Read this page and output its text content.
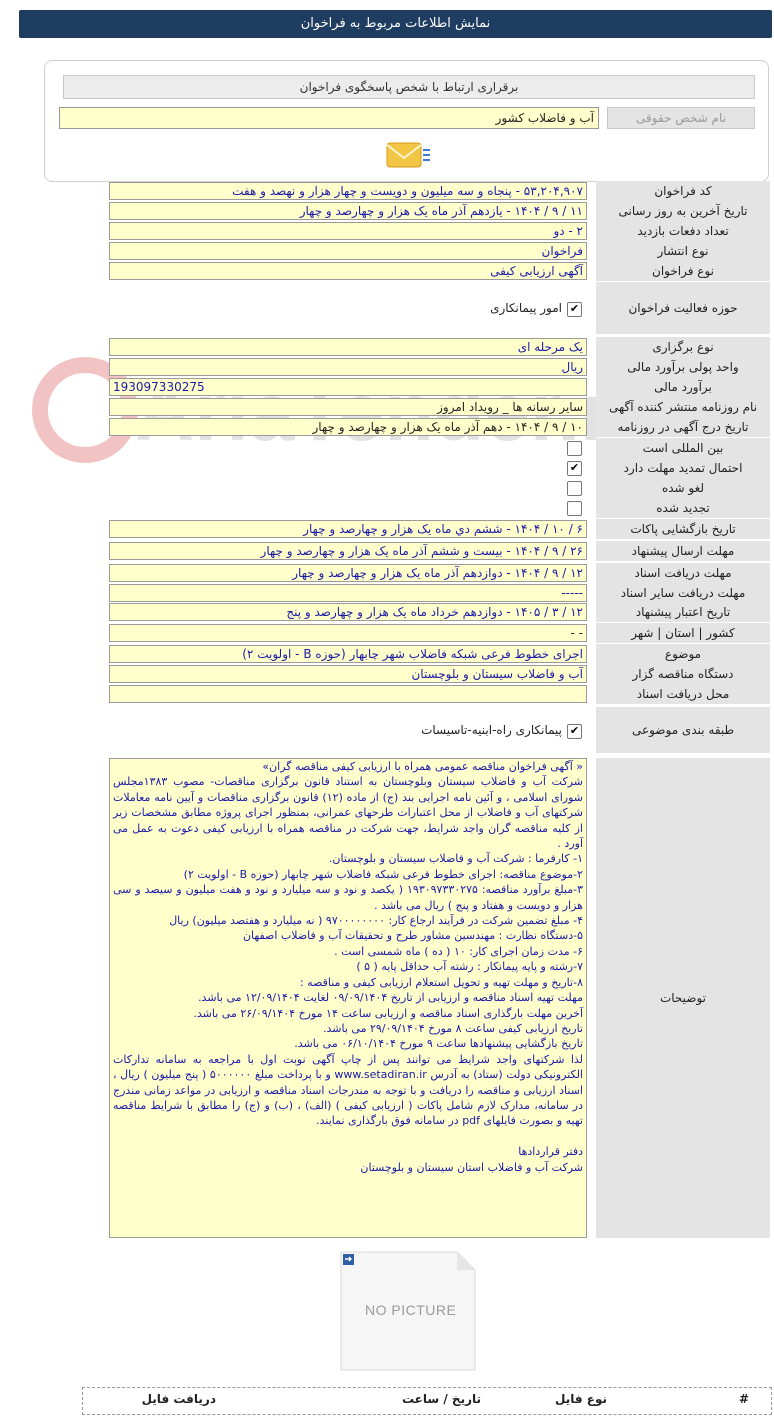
نمایش اطلاعات مربوط به فراخوان
برقراری ارتباط با شخص پاسخگوی فراخوان
نام شخص حقوقی
آب و فاضلاب کشور
کد فراخوان
۵۳,۲۰۴,۹۰۷ - پنجاه و سه میلیون و دویست و چهار هزار و نهصد و هفت
تاریخ آخرین به روز رسانی
۱۱ / ۹ / ۱۴۰۴ - یازدهم آذر ماه یک هزار و چهارصد و چهار
تعداد دفعات بازدید
۲ - دو
نوع انتشار
فراخوان
نوع فراخوان
آگهی ارزیابی کیفی
حوزه فعالیت فراخوان
✔
امور پیمانکاری
نوع برگزاری
یک مرحله ای
واحد پولی برآورد مالی
ریال
برآورد مالی
193097330275
نام روزنامه منتشر کننده آگهی
سایر رسانه ها _ رویداد امروز
تاریخ درج آگهی در روزنامه
۱۰ / ۹ / ۱۴۰۴ - دهم آذر ماه یک هزار و چهارصد و چهار
بین المللی است
احتمال تمدید مهلت دارد
✔
لغو شده
تجدید شده
تاریخ بازگشایی پاکات
۶ / ۱۰ / ۱۴۰۴ - ششم دي ماه یک هزار و چهارصد و چهار
مهلت ارسال پیشنهاد
۲۶ / ۹ / ۱۴۰۴ - بیست و ششم آذر ماه یک هزار و چهارصد و چهار
مهلت دریافت اسناد
۱۲ / ۹ / ۱۴۰۴ - دوازدهم آذر ماه یک هزار و چهارصد و چهار
مهلت دریافت سایر اسناد
-----
تاریخ اعتبار پیشنهاد
۱۲ / ۳ / ۱۴۰۵ - دوازدهم خرداد ماه یک هزار و چهارصد و پنج
کشور | استان | شهر
- -
موضوع
اجرای خطوط فرعی شبکه فاضلاب شهر چابهار (حوزه B - اولویت ۲)
دستگاه مناقصه گزار
آب و فاضلاب سیستان و بلوچستان
محل دریافت اسناد
طبقه بندی موضوعی
✔
پیمانکاری راه-ابنیه-تاسیسات
توضیحات
« آگهی فراخوان مناقصه عمومی همراه با ارزیابی کیفی مناقصه گران»
شرکت آب و فاضلاب سیستان وبلوچستان به استناد قانون برگزاری مناقصات- مصوب ۱۳۸۳مجلس شورای اسلامی ، و آئین نامه اجرایی بند (ج) از ماده (۱۲) قانون برگزاری مناقصات و آیین نامه معاملات شرکتهای آب و فاضلاب از محل اعتبارات طرحهای عمرانی، بمنظور اجرای پروژه مطابق مشخصات زیر از کلیه مناقصه گران واجد شرایط، جهت شرکت در مناقصه همراه با ارزیابی کیفی دعوت به عمل می آورد .
۱- کارفرما : شرکت آب و فاضلاب سیستان و بلوچستان.
۲-موضوع مناقصه: اجرای خطوط فرعی شبکه فاضلاب شهر چابهار (حوزه B - اولویت ۲)
۳-مبلغ برآورد مناقصه: ۱۹۳۰۹۷۳۳۰۲۷۵ ( یکصد و نود و سه میلیارد و نود و هفت میلیون و سیصد و سی هزار و دویست و هفتاد و پنج ) ریال می باشد .
۴- مبلغ تضمین شرکت در فرآیند ارجاع کار: ۹۷۰۰۰۰۰۰۰۰ ( نه میلیارد و هفتصد میلیون) ریال
۵-دستگاه نظارت : مهندسین مشاور طرح و تحقیقات آب و فاضلاب اصفهان
۶- مدت زمان اجرای کار: ۱۰ ( ده ) ماه شمسی است .
۷-رشته و پایه پیمانکار : رشته آب حداقل پایه ( ۵ )
۸-تاریخ و مهلت تهیه و تحویل استعلام ارزیابی کیفی و مناقصه :
مهلت تهیه اسناد مناقصه و ارزیابی از تاریخ ۰۹/۰۹/۱۴۰۴ لغایت ۱۲/۰۹/۱۴۰۴ می باشد.
آخرین مهلت بارگذاری اسناد مناقصه و ارزیابی ساعت ۱۴ مورخ ۲۶/۰۹/۱۴۰۴ می باشد.
تاریخ ارزیابی کیفی ساعت ۸ مورخ ۲۹/۰۹/۱۴۰۴ می باشد.
تاریخ بازگشایی پیشنهادها ساعت ۹ مورخ ۰۶/۱۰/۱۴۰۴ می باشد.
لذا شرکتهای واجد شرایط می توانند پس از چاپ آگهی نوبت اول با مراجعه به سامانه تدارکات الکترونیکی دولت (ستاد) به آدرس www.setadiran.ir و با پرداخت مبلغ ۵۰۰۰۰۰۰ ( پنج میلیون ) ریال ، اسناد ارزیابی و مناقصه را دریافت و با توجه به مندرجات اسناد مناقصه و ارزیابی در مواعد زمانی مندرج در سامانه، مدارک لازم شامل پاکات ( ارزیابی کیفی ) (الف) ، (ب) و (ج) را مطابق با شرایط مناقصه تهیه و بصورت فایلهای pdf در سامانه فوق بارگذاری نمایند.

دفتر قراردادها
شرکت آب و فاضلاب استان سیستان و بلوچستان
NO PICTURE
#
نوع فایل
تاریخ / ساعت
دریافت فایل
